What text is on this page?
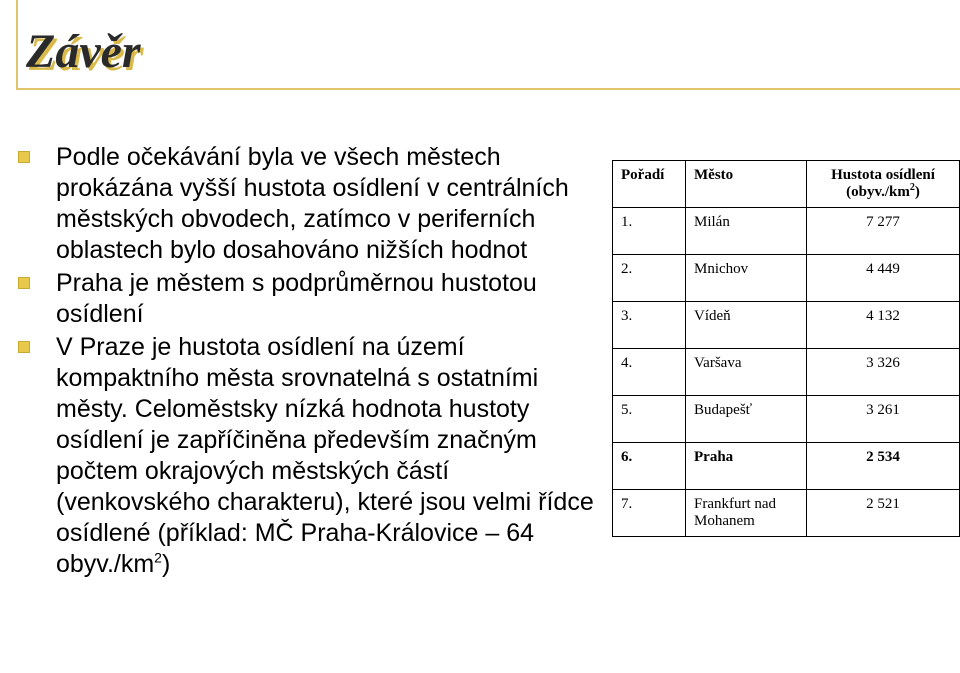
Závěr
Podle očekávání byla ve všech městech prokázána vyšší hustota osídlení v centrálních městských obvodech, zatímco v periferních oblastech bylo dosahováno nižších hodnot
Praha je městem s podprůměrnou hustotou osídlení
V Praze je hustota osídlení na území kompaktního města srovnatelná s ostatními městy. Celoměstsky nízká hodnota hustoty osídlení je zapříčiněna především značným počtem okrajových městských částí (venkovského charakteru), které jsou velmi řídce osídlené (příklad: MČ Praha-Královice – 64 $obyv./km^2$)
Pořadí	Město	Hustota osídlení $(obyv./km^2)$
1.	Milán	7 277
2.	Mnichov	4 449
3.	Vídeň	4 132
4.	Varšava	3 326
5.	Budapešť	3 261
6.	Praha	2 534
7.	Frankfurt nad Mohanem	2 521
